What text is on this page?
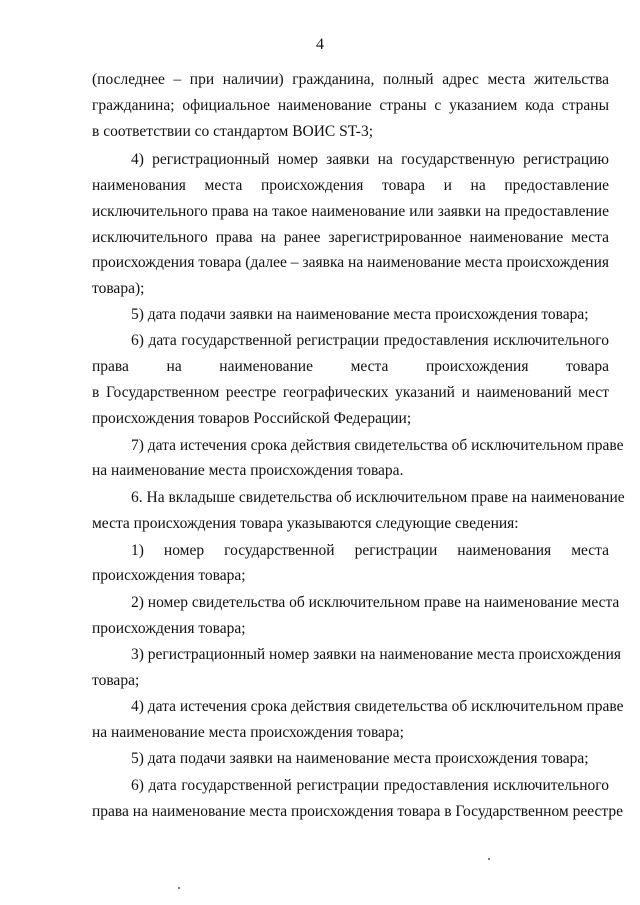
4
(последнее – при наличии) гражданина, полный адрес места жительства
гражданина; официальное наименование страны с указанием кода страны
в соответствии со стандартом ВОИС ST-3;
4) регистрационный номер заявки на государственную регистрацию
наименования места происхождения товара и на предоставление
исключительного права на такое наименование или заявки на предоставление
исключительного права на ранее зарегистрированное наименование места
происхождения товара (далее – заявка на наименование места происхождения
товара);
5) дата подачи заявки на наименование места происхождения товара;
6) дата государственной регистрации предоставления исключительного
права на наименование места происхождения товара
в Государственном реестре географических указаний и наименований мест
происхождения товаров Российской Федерации;
7) дата истечения срока действия свидетельства об исключительном праве
на наименование места происхождения товара.
6. На вкладыше свидетельства об исключительном праве на наименование
места происхождения товара указываются следующие сведения:
1) номер государственной регистрации наименования места
происхождения товара;
2) номер свидетельства об исключительном праве на наименование места
происхождения товара;
3) регистрационный номер заявки на наименование места происхождения
товара;
4) дата истечения срока действия свидетельства об исключительном праве
на наименование места происхождения товара;
5) дата подачи заявки на наименование места происхождения товара;
6) дата государственной регистрации предоставления исключительного
права на наименование места происхождения товара в Государственном реестре
